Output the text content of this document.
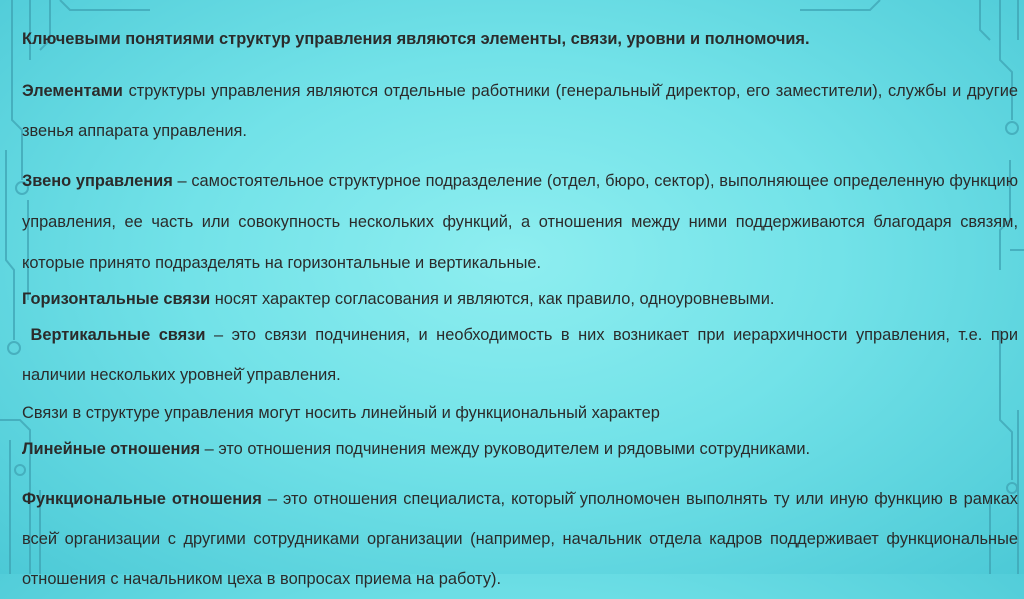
Ключевыми понятиями структур управления являются элементы, связи, уровни и полномочия.

Элементами структуры управления являются отдельные работники (генеральный̆ директор, его заместители), службы и другие звенья аппарата управления.

Звено управления – самостоятельное структурное подразделение (отдел, бюро, сектор), выполняющее определенную функцию управления, ее часть или совокупность нескольких функций, а отношения между ними поддерживаются благодаря связям, которые принято подразделять на горизонтальные и вертикальные.

Горизонтальные связи носят характер согласования и являются, как правило, одноуровневыми.

Вертикальные связи – это связи подчинения, и необходимость в них возникает при иерархичности управления, т.е. при наличии нескольких уровней̆ управления.

Связи в структуре управления могут носить линейный и функциональный характер

Линейные отношения – это отношения подчинения между руководителем и рядовыми сотрудниками.

Функциональные отношения – это отношения специалиста, который̆ уполномочен выполнять ту или иную функцию в рамках всей̆ организации с другими сотрудниками организации (например, начальник отдела кадров поддерживает функциональные отношения с начальником цеха в вопросах приема на работу).
